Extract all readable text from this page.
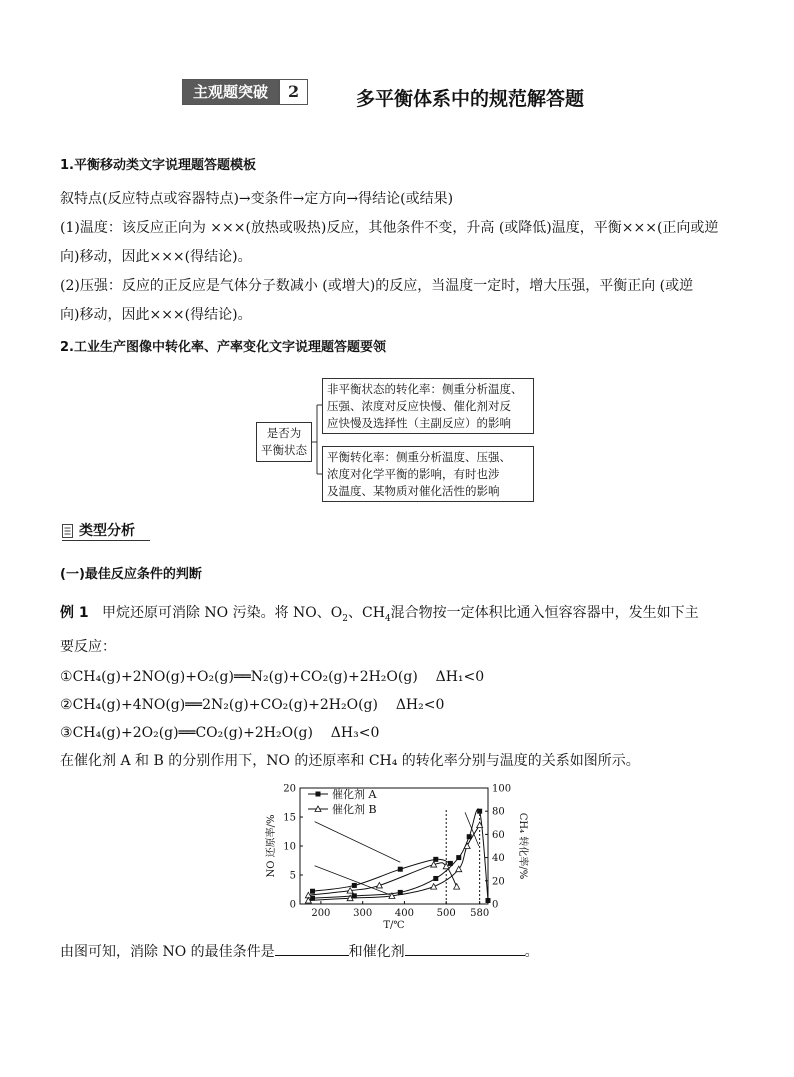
主观题突破	2	多平衡体系中的规范解答题
1.平衡移动类文字说理题答题模板
叙特点(反应特点或容器特点)→变条件→定方向→得结论(或结果)
(1)温度：该反应正向为 ×××(放热或吸热)反应，其他条件不变，升高 (或降低)温度，平衡×××(正向或逆
向)移动，因此×××(得结论)。
(2)压强：反应的正反应是气体分子数减小 (或增大)的反应，当温度一定时，增大压强，平衡正向 (或逆
向)移动，因此×××(得结论)。
2.工业生产图像中转化率、产率变化文字说理题答题要领
是否为
平衡状态
非平衡状态的转化率：侧重分析温度、
压强、浓度对反应快慢、催化剂对反
应快慢及选择性（主副反应）的影响
平衡转化率：侧重分析温度、压强、
浓度对化学平衡的影响，有时也涉
及温度、某物质对催化活性的影响
类型分析
(一)最佳反应条件的判断
例 1 甲烷还原可消除 NO 污染。将 NO、$O_2$、$CH_4$混合物按一定体积比通入恒容容器中，发生如下主
要反应：
①CH₄(g)+2NO(g)+O₂(g)══N₂(g)+CO₂(g)+2H₂O(g) ΔH₁<0
②CH₄(g)+4NO(g)══2N₂(g)+CO₂(g)+2H₂O(g) ΔH₂<0
③CH₄(g)+2O₂(g)══CO₂(g)+2H₂O(g) ΔH₃<0
在催化剂 A 和 B 的分别作用下，NO 的还原率和 CH₄ 的转化率分别与温度的关系如图所示。
0
5
10
15
20
0
20
40
60
80
100
200 300 400 500 580
T/℃
NO 还原率/%	CH₄ 转化率/%
催化剂 A
催化剂 B
由图可知，消除 NO 的最佳条件是	和催化剂	。
